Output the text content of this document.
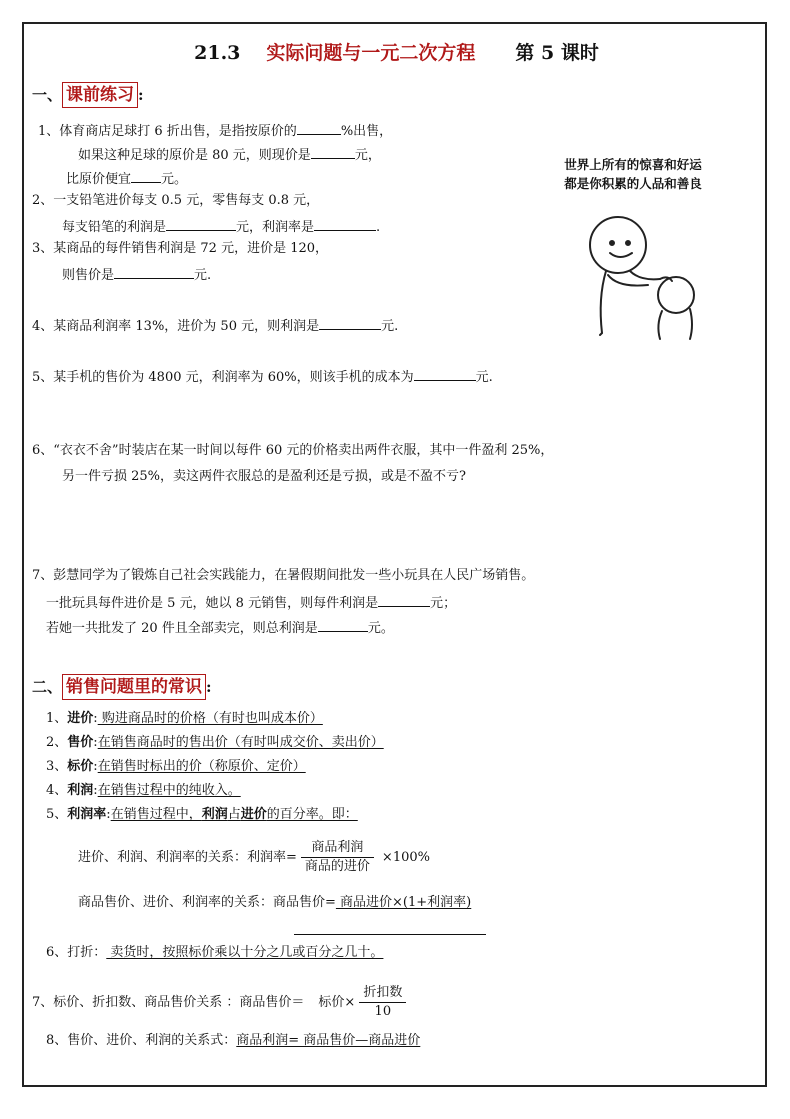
21.3 实际问题与一元二次方程 第 5 课时
一、 课前练习 :
1、体育商店足球打 6 折出售，是指按原价的	%出售，
如果这种足球的原价是 80 元，则现价是	元，
比原价便宜 元。
2、一支铅笔进价每支 0.5 元，零售每支 0.8 元，
每支铅笔的利润是	元，利润率是	.
3、某商品的每件销售利润是 72 元，进价是 120，
则售价是	元.
4、某商品利润率 13%，进价为 50 元，则利润是	元.
5、某手机的售价为 4800 元，利润率为 60%，则该手机的成本为	元.
6、“衣衣不舍”时装店在某一时间以每件 60 元的价格卖出两件衣服，其中一件盈利 25%，
另一件亏损 25%，卖这两件衣服总的是盈利还是亏损，或是不盈不亏?
7、彭慧同学为了锻炼自己社会实践能力，在暑假期间批发一些小玩具在人民广场销售。
一批玩具每件进价是 5 元，她以 8 元销售，则每件利润是	元；
若她一共批发了 20 件且全部卖完，则总利润是	元。
二、 销售问题里的常识 :
1、进价: 购进商品时的价格（有时也叫成本价）
2、售价:在销售商品时的售出价（有时叫成交价、卖出价）
3、标价:在销售时标出的价（称原价、定价）
4、利润:在销售过程中的纯收入。
5、利润率:在销售过程中，利润占进价的百分率。即：
进价、利润、利润率的关系：利润率= $\frac{\text{商品利润}}{\text{商品的进价}} \times 100\%$
商品售价、进价、利润率的关系：商品售价= 商品进价×(1+利润率)
6、打折： 卖货时，按照标价乘以十分之几或百分之几十。
7、标价、折扣数、商品售价关系 ：商品售价＝ 标价× $\frac{\text{折扣数}}{10}$
8、售价、进价、利润的关系式：商品利润= 商品售价—商品进价
世界上所有的惊喜和好运
都是你积累的人品和善良
